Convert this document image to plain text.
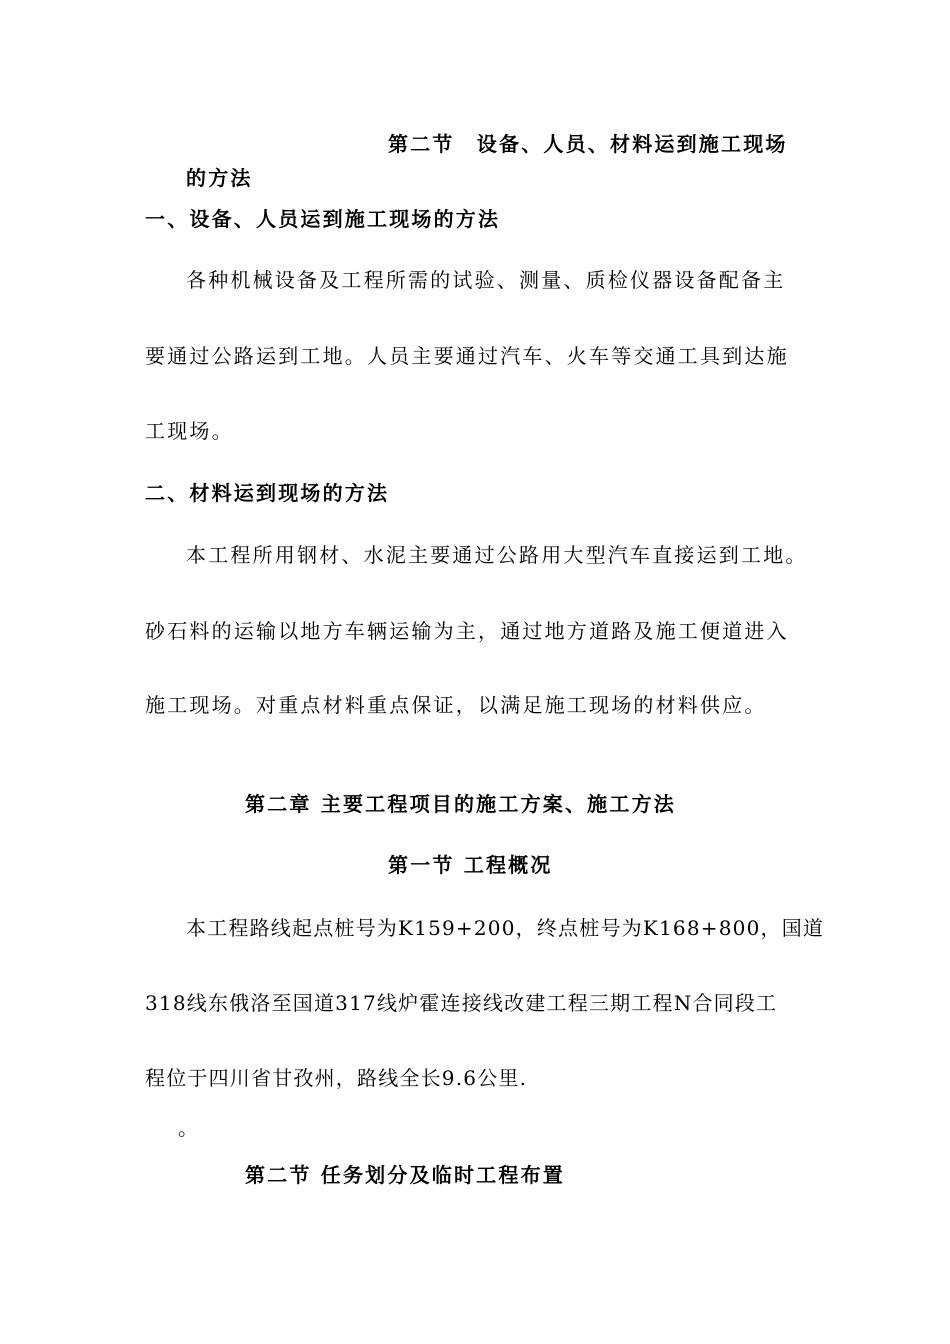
第二节　设备、人员、材料运到施工现场
的方法
一、设备、人员运到施工现场的方法
各种机械设备及工程所需的试验、测量、质检仪器设备配备主
要通过公路运到工地。人员主要通过汽车、火车等交通工具到达施
工现场。
二、材料运到现场的方法
本工程所用钢材、水泥主要通过公路用大型汽车直接运到工地。
砂石料的运输以地方车辆运输为主，通过地方道路及施工便道进入
施工现场。对重点材料重点保证，以满足施工现场的材料供应。
第二章 主要工程项目的施工方案、施工方法
第一节 工程概况
本工程路线起点桩号为K159+200，终点桩号为K168+800，国道
318线东俄洛至国道317线炉霍连接线改建工程三期工程N合同段工
程位于四川省甘孜州，路线全长9.6公里.
。
第二节 任务划分及临时工程布置
